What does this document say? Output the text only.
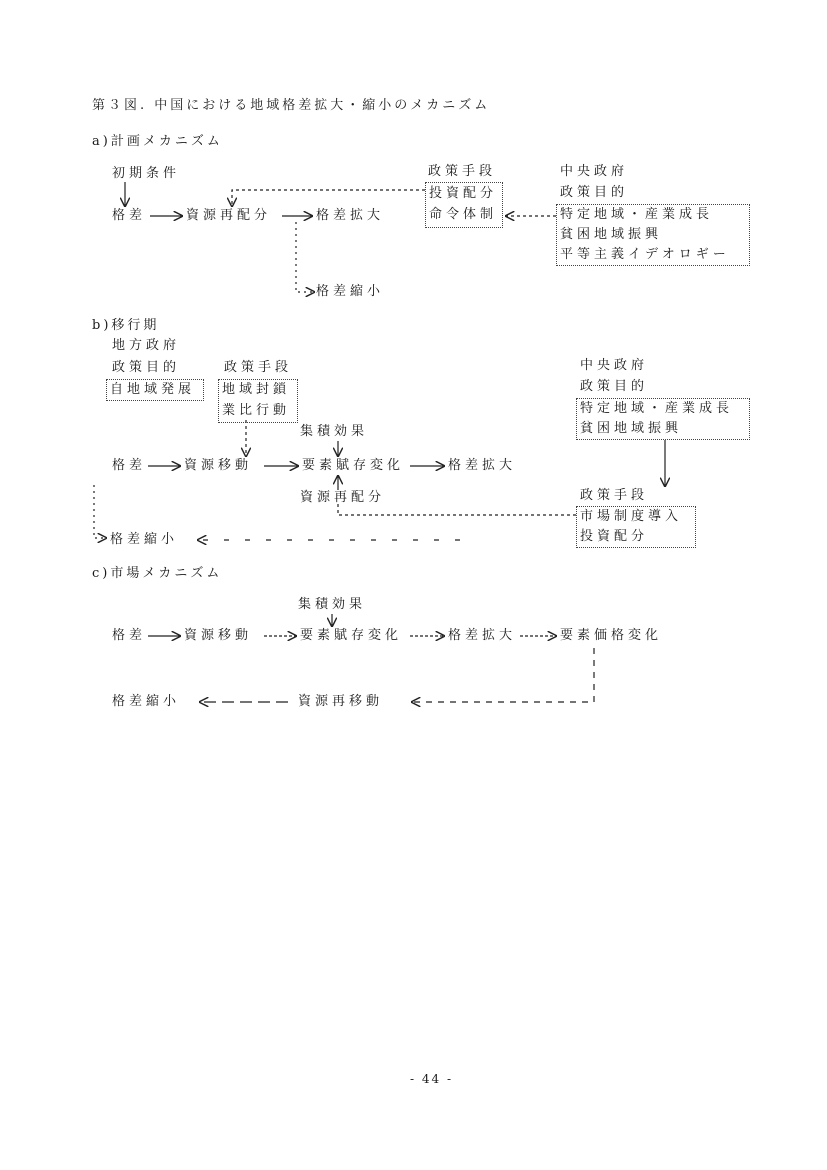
第３図. 中国における地域格差拡大・縮小のメカニズム
a)計画メカニズム
初期条件
格差	資源再配分	格差拡大
格差縮小
政策手段
投資配分
命令体制
中央政府
政策目的
特定地域・産業成長
貧困地域振興
平等主義イデオロギー
b)移行期
地方政府
政策目的
自地域発展
政策手段
地域封鎖
業比行動
集積効果
格差	資源移動	要素賦存変化	格差拡大
資源再配分
格差縮小
中央政府
政策目的
特定地域・産業成長
貧困地域振興
政策手段
市場制度導入
投資配分
c)市場メカニズム
集積効果
格差	資源移動	要素賦存変化	格差拡大	要素価格変化
格差縮小	資源再移動
- 44 -
